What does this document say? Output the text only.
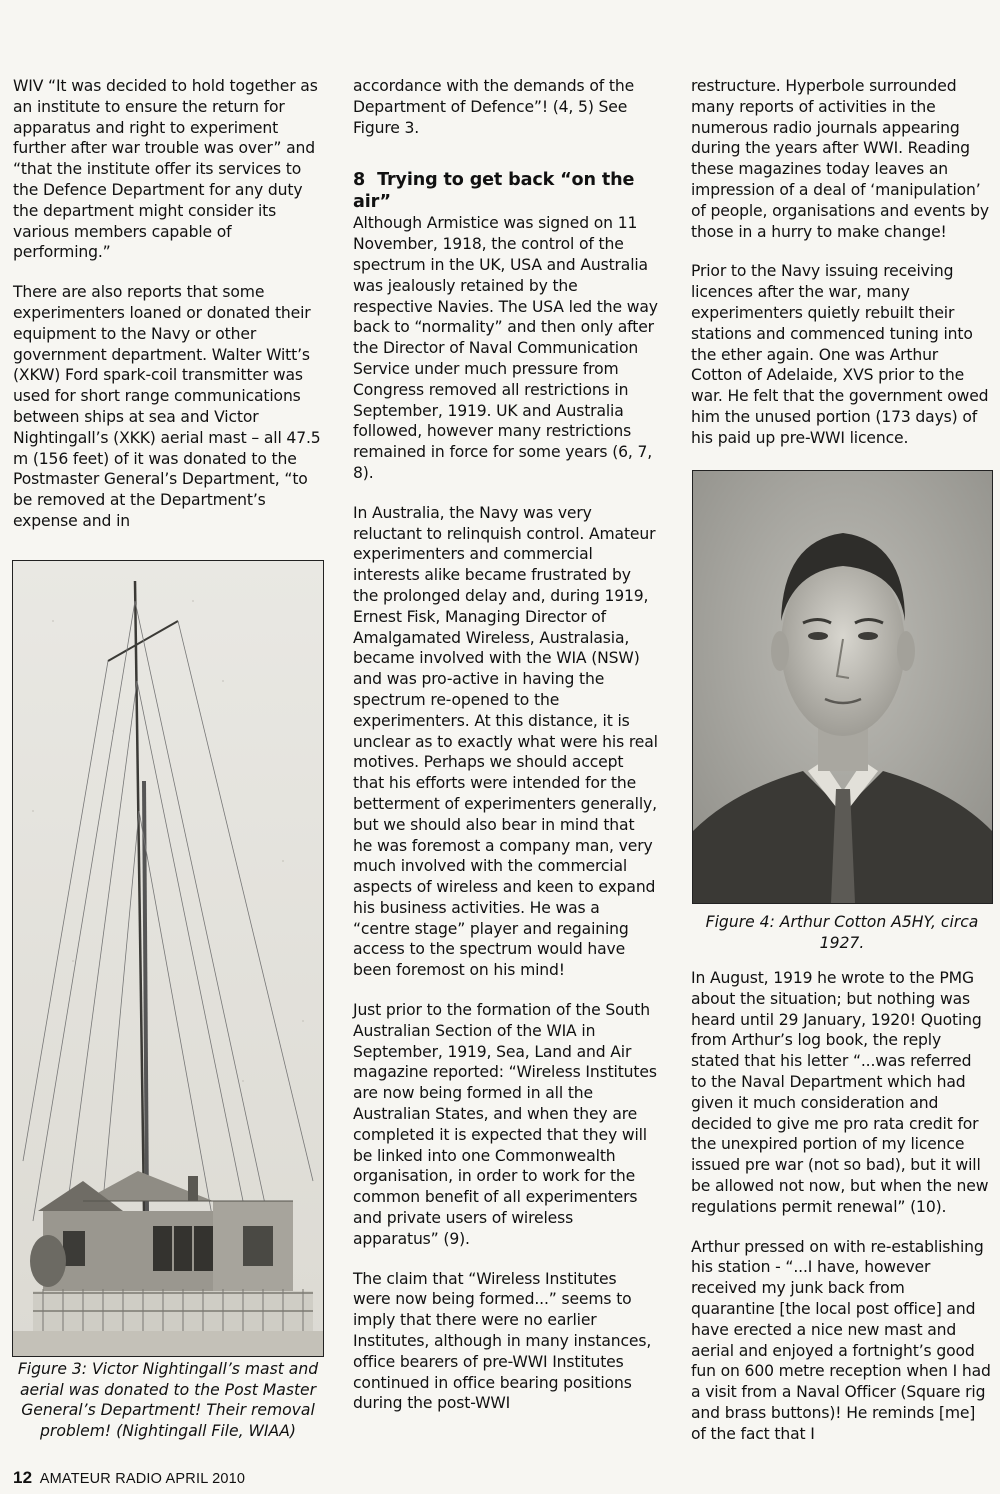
WIV “It was decided to hold together as an institute to ensure the return for apparatus and right to experiment further after war trouble was over” and “that the institute offer its services to the Defence Department for any duty the department might consider its various members capable of performing.”

There are also reports that some experimenters loaned or donated their equipment to the Navy or other government department. Walter Witt’s (XKW) Ford spark-coil transmitter was used for short range communications between ships at sea and Victor Nightingall’s (XKK) aerial mast – all 47.5 m (156 feet) of it was donated to the Postmaster General’s Department, “to be removed at the Department’s expense and in

Figure 3: Victor Nightingall’s mast and aerial was donated to the Post Master General’s Department! Their removal problem! (Nightingall File, WIAA)

accordance with the demands of the Department of Defence”! (4, 5) See Figure 3.

8 Trying to get back “on the air”

Although Armistice was signed on 11 November, 1918, the control of the spectrum in the UK, USA and Australia was jealously retained by the respective Navies. The USA led the way back to “normality” and then only after the Director of Naval Communication Service under much pressure from Congress removed all restrictions in September, 1919. UK and Australia followed, however many restrictions remained in force for some years (6, 7, 8).

In Australia, the Navy was very reluctant to relinquish control. Amateur experimenters and commercial interests alike became frustrated by the prolonged delay and, during 1919, Ernest Fisk, Managing Director of Amalgamated Wireless, Australasia, became involved with the WIA (NSW) and was pro-active in having the spectrum re-opened to the experimenters. At this distance, it is unclear as to exactly what were his real motives. Perhaps we should accept that his efforts were intended for the betterment of experimenters generally, but we should also bear in mind that he was foremost a company man, very much involved with the commercial aspects of wireless and keen to expand his business activities. He was a “centre stage” player and regaining access to the spectrum would have been foremost on his mind!

Just prior to the formation of the South Australian Section of the WIA in September, 1919, Sea, Land and Air magazine reported: “Wireless Institutes are now being formed in all the Australian States, and when they are completed it is expected that they will be linked into one Commonwealth organisation, in order to work for the common benefit of all experimenters and private users of wireless apparatus” (9).

The claim that “Wireless Institutes were now being formed...” seems to imply that there were no earlier Institutes, although in many instances, office bearers of pre-WWI Institutes continued in office bearing positions during the post-WWI

restructure. Hyperbole surrounded many reports of activities in the numerous radio journals appearing during the years after WWI. Reading these magazines today leaves an impression of a deal of ‘manipulation’ of people, organisations and events by those in a hurry to make change!

Prior to the Navy issuing receiving licences after the war, many experimenters quietly rebuilt their stations and commenced tuning into the ether again. One was Arthur Cotton of Adelaide, XVS prior to the war. He felt that the government owed him the unused portion (173 days) of his paid up pre-WWI licence.

Figure 4: Arthur Cotton A5HY, circa 1927.

In August, 1919 he wrote to the PMG about the situation; but nothing was heard until 29 January, 1920! Quoting from Arthur’s log book, the reply stated that his letter “...was referred to the Naval Department which had given it much consideration and decided to give me pro rata credit for the unexpired portion of my licence issued pre war (not so bad), but it will be allowed not now, but when the new regulations permit renewal” (10).

Arthur pressed on with re-establishing his station - “...I have, however received my junk back from quarantine [the local post office] and have erected a nice new mast and aerial and enjoyed a fortnight’s good fun on 600 metre reception when I had a visit from a Naval Officer (Square rig and brass buttons)! He reminds [me] of the fact that I

12 AMATEUR RADIO APRIL 2010
